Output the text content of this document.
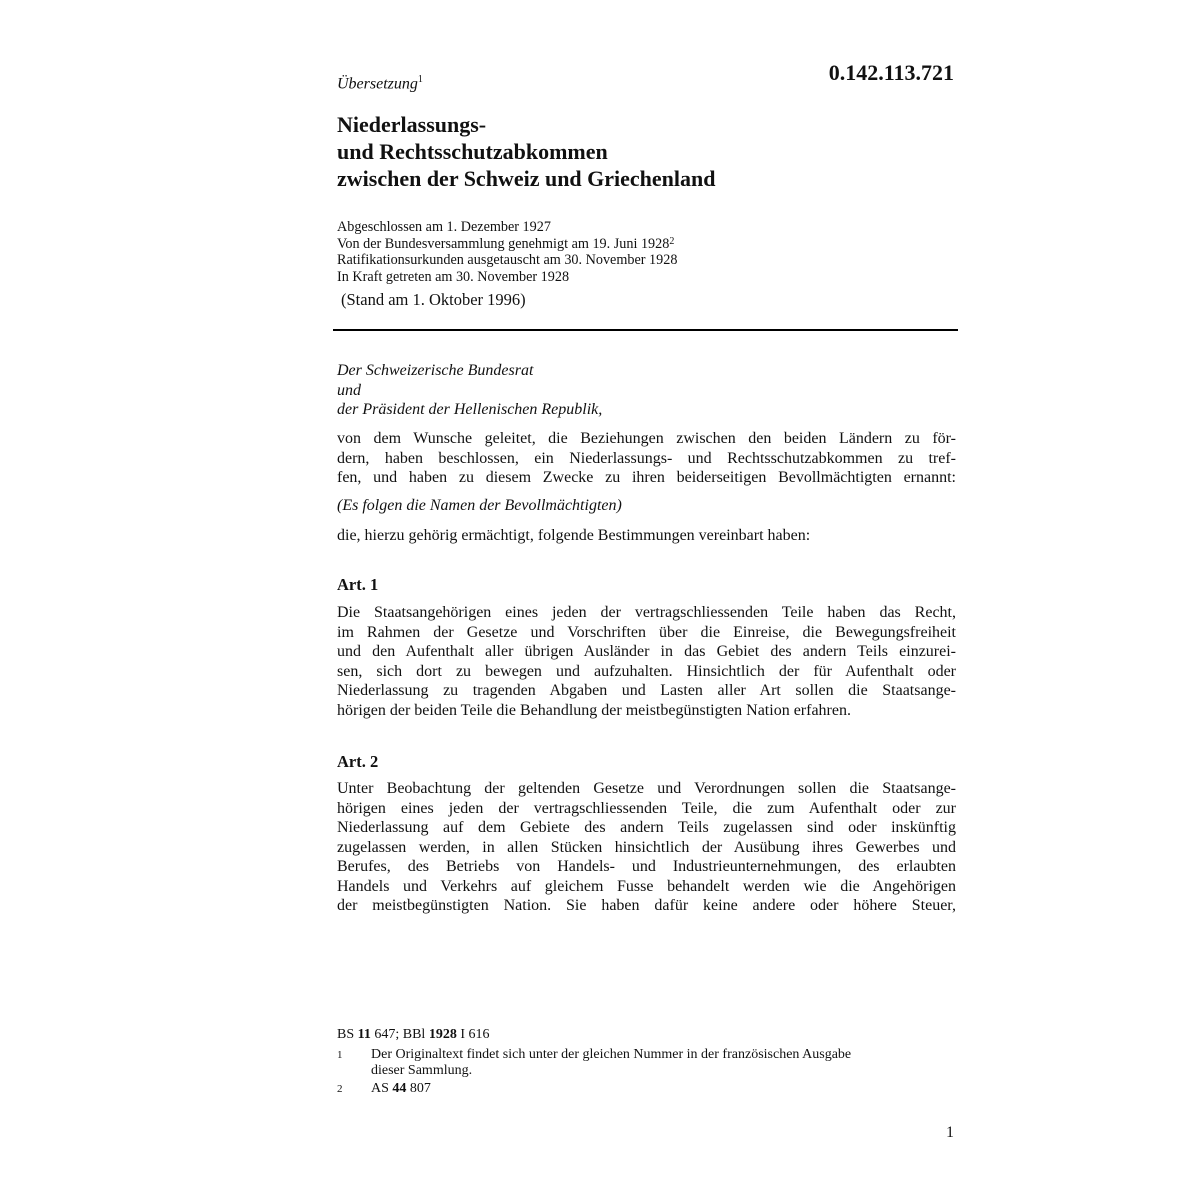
0.142.113.721
Übersetzung$^1$
Niederlassungs-
und Rechtsschutzabkommen
zwischen der Schweiz und Griechenland
Abgeschlossen am 1. Dezember 1927
Von der Bundesversammlung genehmigt am 19. Juni 1928$^2$
Ratifikationsurkunden ausgetauscht am 30. November 1928
In Kraft getreten am 30. November 1928
(Stand am 1. Oktober 1996)
Der Schweizerische Bundesrat
und
der Präsident der Hellenischen Republik,
von dem Wunsche geleitet, die Beziehungen zwischen den beiden Ländern zu för-
dern, haben beschlossen, ein Niederlassungs- und Rechtsschutzabkommen zu tref-
fen, und haben zu diesem Zwecke zu ihren beiderseitigen Bevollmächtigten ernannt:
(Es folgen die Namen der Bevollmächtigten)
die, hierzu gehörig ermächtigt, folgende Bestimmungen vereinbart haben:
Art. 1
Die Staatsangehörigen eines jeden der vertragschliessenden Teile haben das Recht,
im Rahmen der Gesetze und Vorschriften über die Einreise, die Bewegungsfreiheit
und den Aufenthalt aller übrigen Ausländer in das Gebiet des andern Teils einzurei-
sen, sich dort zu bewegen und aufzuhalten. Hinsichtlich der für Aufenthalt oder
Niederlassung zu tragenden Abgaben und Lasten aller Art sollen die Staatsange-
hörigen der beiden Teile die Behandlung der meistbegünstigten Nation erfahren.
Art. 2
Unter Beobachtung der geltenden Gesetze und Verordnungen sollen die Staatsange-
hörigen eines jeden der vertragschliessenden Teile, die zum Aufenthalt oder zur
Niederlassung auf dem Gebiete des andern Teils zugelassen sind oder inskünftig
zugelassen werden, in allen Stücken hinsichtlich der Ausübung ihres Gewerbes und
Berufes, des Betriebs von Handels- und Industrieunternehmungen, des erlaubten
Handels und Verkehrs auf gleichem Fusse behandelt werden wie die Angehörigen
der meistbegünstigten Nation. Sie haben dafür keine andere oder höhere Steuer,
BS 11 647; BBl 1928 I 616
1 Der Originaltext findet sich unter der gleichen Nummer in der französischen Ausgabe
dieser Sammlung.
2 AS 44 807
1
